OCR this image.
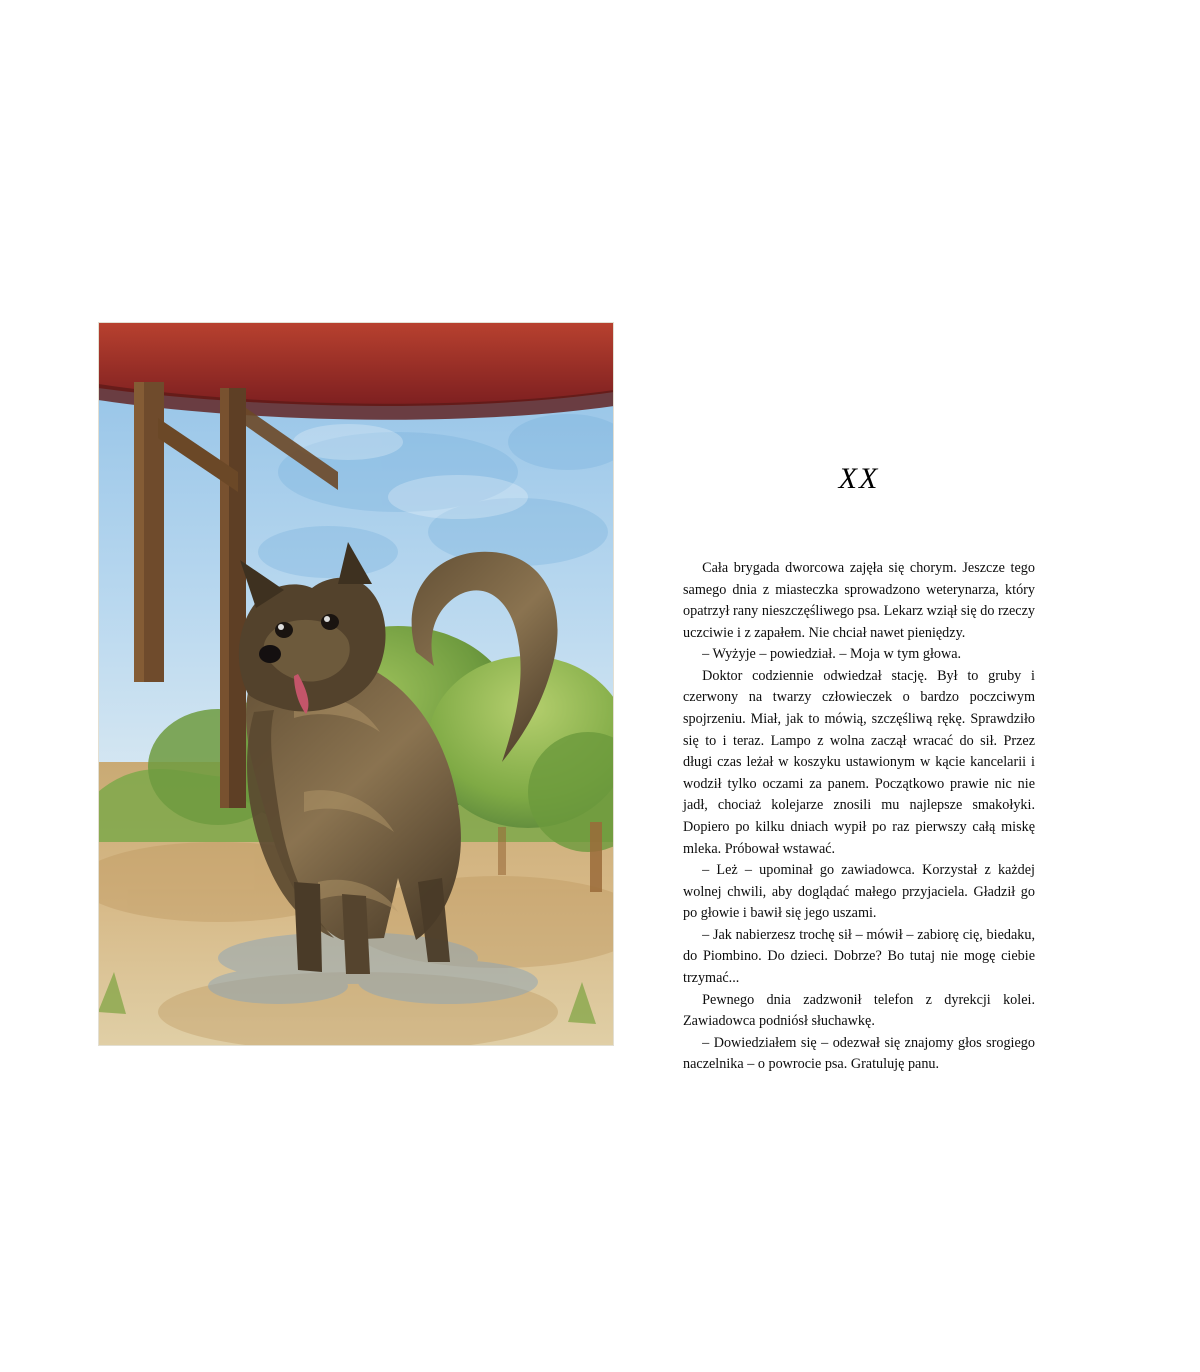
XX

Cała brygada dworcowa zajęła się chorym. Jeszcze tego samego dnia z miasteczka sprowadzono weterynarza, który opatrzył rany nieszczęśliwego psa. Lekarz wziął się do rzeczy uczciwie i z zapałem. Nie chciał nawet pieniędzy.

– Wyżyje – powiedział. – Moja w tym głowa.

Doktor codziennie odwiedzał stację. Był to gruby i czerwony na twarzy człowieczek o bardzo poczciwym spojrzeniu. Miał, jak to mówią, szczęśliwą rękę. Sprawdziło się to i teraz. Lampo z wolna zaczął wracać do sił. Przez długi czas leżał w koszyku ustawionym w kącie kancelarii i wodził tylko oczami za panem. Początkowo prawie nic nie jadł, chociaż kolejarze znosili mu najlepsze smakołyki. Dopiero po kilku dniach wypił po raz pierwszy całą miskę mleka. Próbował wstawać.

– Leż – upominał go zawiadowca. Korzystał z każdej wolnej chwili, aby doglądać małego przyjaciela. Gładził go po głowie i bawił się jego uszami.

– Jak nabierzesz trochę sił – mówił – zabiorę cię, biedaku, do Piombino. Do dzieci. Dobrze? Bo tutaj nie mogę ciebie trzymać...

Pewnego dnia zadzwonił telefon z dyrekcji kolei. Zawiadowca podniósł słuchawkę.

– Dowiedziałem się – odezwał się znajomy głos srogiego naczelnika – o powrocie psa. Gratuluję panu.
